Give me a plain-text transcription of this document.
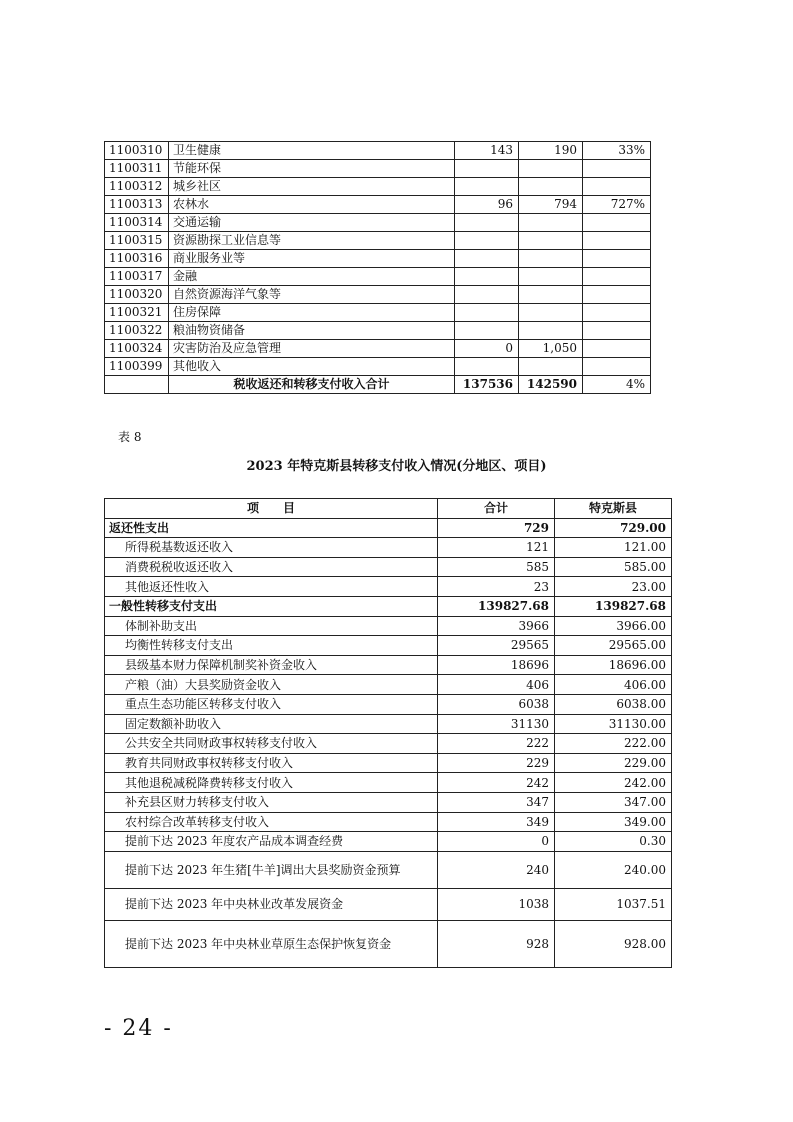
1100310	卫生健康	143	190	33%
1100311	节能环保			
1100312	城乡社区			
1100313	农林水	96	794	727%
1100314	交通运输			
1100315	资源勘探工业信息等			
1100316	商业服务业等			
1100317	金融			
1100320	自然资源海洋气象等			
1100321	住房保障			
1100322	粮油物资储备			
1100324	灾害防治及应急管理	0	1,050	
1100399	其他收入			
	税收返还和转移支付收入合计	137536	142590	4%
表 8
2023 年特克斯县转移支付收入情况(分地区、项目)
项　　目	合计	特克斯县
返还性支出	729	729.00
所得税基数返还收入	121	121.00
消费税税收返还收入	585	585.00
其他返还性收入	23	23.00
一般性转移支付支出	139827.68	139827.68
体制补助支出	3966	3966.00
均衡性转移支付支出	29565	29565.00
县级基本财力保障机制奖补资金收入	18696	18696.00
产粮（油）大县奖励资金收入	406	406.00
重点生态功能区转移支付收入	6038	6038.00
固定数额补助收入	31130	31130.00
公共安全共同财政事权转移支付收入	222	222.00
教育共同财政事权转移支付收入	229	229.00
其他退税减税降费转移支付收入	242	242.00
补充县区财力转移支付收入	347	347.00
农村综合改革转移支付收入	349	349.00
提前下达 2023 年度农产品成本调查经费	0	0.30
提前下达 2023 年生猪[牛羊]调出大县奖励资金预算	240	240.00
提前下达 2023 年中央林业改革发展资金	1038	1037.51
提前下达 2023 年中央林业草原生态保护恢复资金	928	928.00
- 24 -
